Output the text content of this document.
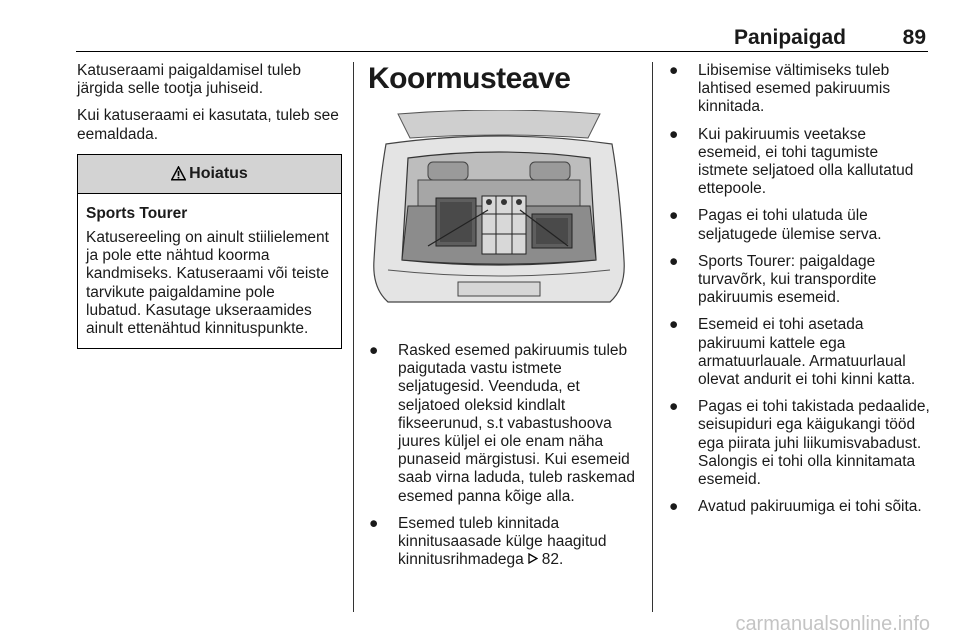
Panipaigad	89

Katuseraami paigaldamisel tuleb järgida selle tootja juhiseid.

Kui katuseraami ei kasutata, tuleb see eemaldada.

Hoiatus
Sports Tourer
Katusereeling on ainult stiilielement ja pole ette nähtud koorma kandmiseks. Katuseraami või teiste tarvikute paigaldamine pole lubatud. Kasutage ukseraamides ainult ettenähtud kinnituspunkte.
Koormusteave
● Rasked esemed pakiruumis tuleb paigutada vastu istmete seljatugesid. Veenduda, et seljatoed oleksid kindlalt fikseerunud, s.t vabastushoova juures küljel ei ole enam näha punaseid märgistusi. Kui esemeid saab virna laduda, tuleb raskemad esemed panna kõige alla.
● Esemed tuleb kinnitada kinnitusaasade külge haagitud kinnitusrihmadega 82.
● Libisemise vältimiseks tuleb lahtised esemed pakiruumis kinnitada.
● Kui pakiruumis veetakse esemeid, ei tohi tagumiste istmete seljatoed olla kallutatud ettepoole.
● Pagas ei tohi ulatuda üle seljatugede ülemise serva.
● Sports Tourer: paigaldage turvavõrk, kui transpordite pakiruumis esemeid.
● Esemeid ei tohi asetada pakiruumi kattele ega armatuurlauale. Armatuurlaual olevat andurit ei tohi kinni katta.
● Pagas ei tohi takistada pedaalide, seisupiduri ega käigukangi tööd ega piirata juhi liikumisvabadust. Salongis ei tohi olla kinnitamata esemeid.
● Avatud pakiruumiga ei tohi sõita.
carmanualsonline.info
